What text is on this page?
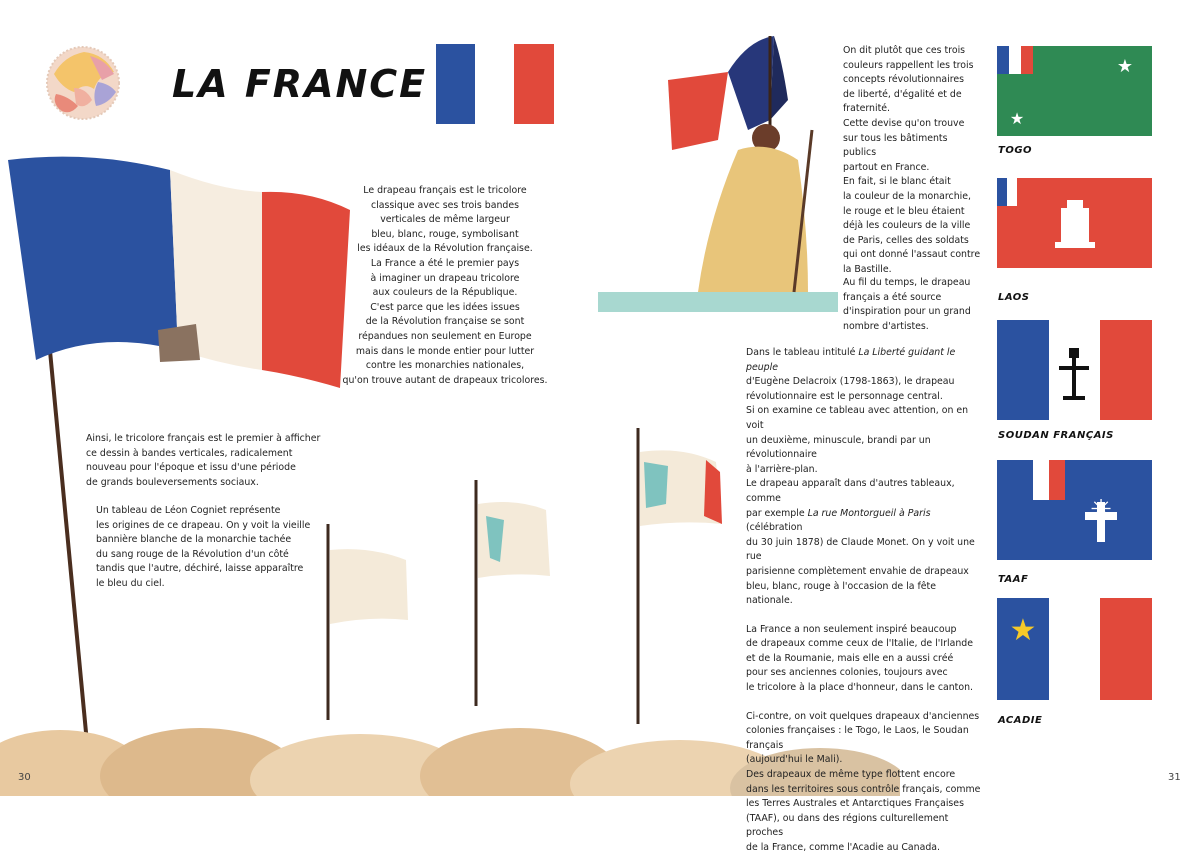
LA FRANCE

Le drapeau français est le tricolore
classique avec ses trois bandes
verticales de même largeur
bleu, blanc, rouge, symbolisant
les idéaux de la Révolution française.
La France a été le premier pays
à imaginer un drapeau tricolore
aux couleurs de la République.
C'est parce que les idées issues
de la Révolution française se sont
répandues non seulement en Europe
mais dans le monde entier pour lutter
contre les monarchies nationales,
qu'on trouve autant de drapeaux tricolores.

Ainsi, le tricolore français est le premier à afficher
ce dessin à bandes verticales, radicalement
nouveau pour l'époque et issu d'une période
de grands bouleversements sociaux.

Un tableau de Léon Cogniet représente
les origines de ce drapeau. On y voit la vieille
bannière blanche de la monarchie tachée
du sang rouge de la Révolution d'un côté
tandis que l'autre, déchiré, laisse apparaître
le bleu du ciel.

On dit plutôt que ces trois
couleurs rappellent les trois
concepts révolutionnaires
de liberté, d'égalité et de
fraternité.
Cette devise qu'on trouve
sur tous les bâtiments publics
partout en France.
En fait, si le blanc était
la couleur de la monarchie,
le rouge et le bleu étaient
déjà les couleurs de la ville
de Paris, celles des soldats
qui ont donné l'assaut contre
la Bastille.

Au fil du temps, le drapeau
français a été source
d'inspiration pour un grand
nombre d'artistes.

Dans le tableau intitulé La Liberté guidant le peuple
d'Eugène Delacroix (1798-1863), le drapeau
révolutionnaire est le personnage central.
Si on examine ce tableau avec attention, on en voit
un deuxième, minuscule, brandi par un révolutionnaire
à l'arrière-plan.
Le drapeau apparaît dans d'autres tableaux, comme
par exemple La rue Montorgueil à Paris (célébration
du 30 juin 1878) de Claude Monet. On y voit une rue
parisienne complètement envahie de drapeaux
bleu, blanc, rouge à l'occasion de la fête nationale.

La France a non seulement inspiré beaucoup
de drapeaux comme ceux de l'Italie, de l'Irlande
et de la Roumanie, mais elle en a aussi créé
pour ses anciennes colonies, toujours avec
le tricolore à la place d'honneur, dans le canton.

Ci-contre, on voit quelques drapeaux d'anciennes
colonies françaises : le Togo, le Laos, le Soudan français
(aujourd'hui le Mali).
Des drapeaux de même type flottent encore
dans les territoires sous contrôle français, comme
les Terres Australes et Antarctiques Françaises
(TAAF), ou dans des régions culturellement proches
de la France, comme l'Acadie au Canada.

★
★
TOGO
LAOS
SOUDAN FRANÇAIS
✳
TAAF
★
ACADIE
30	31
